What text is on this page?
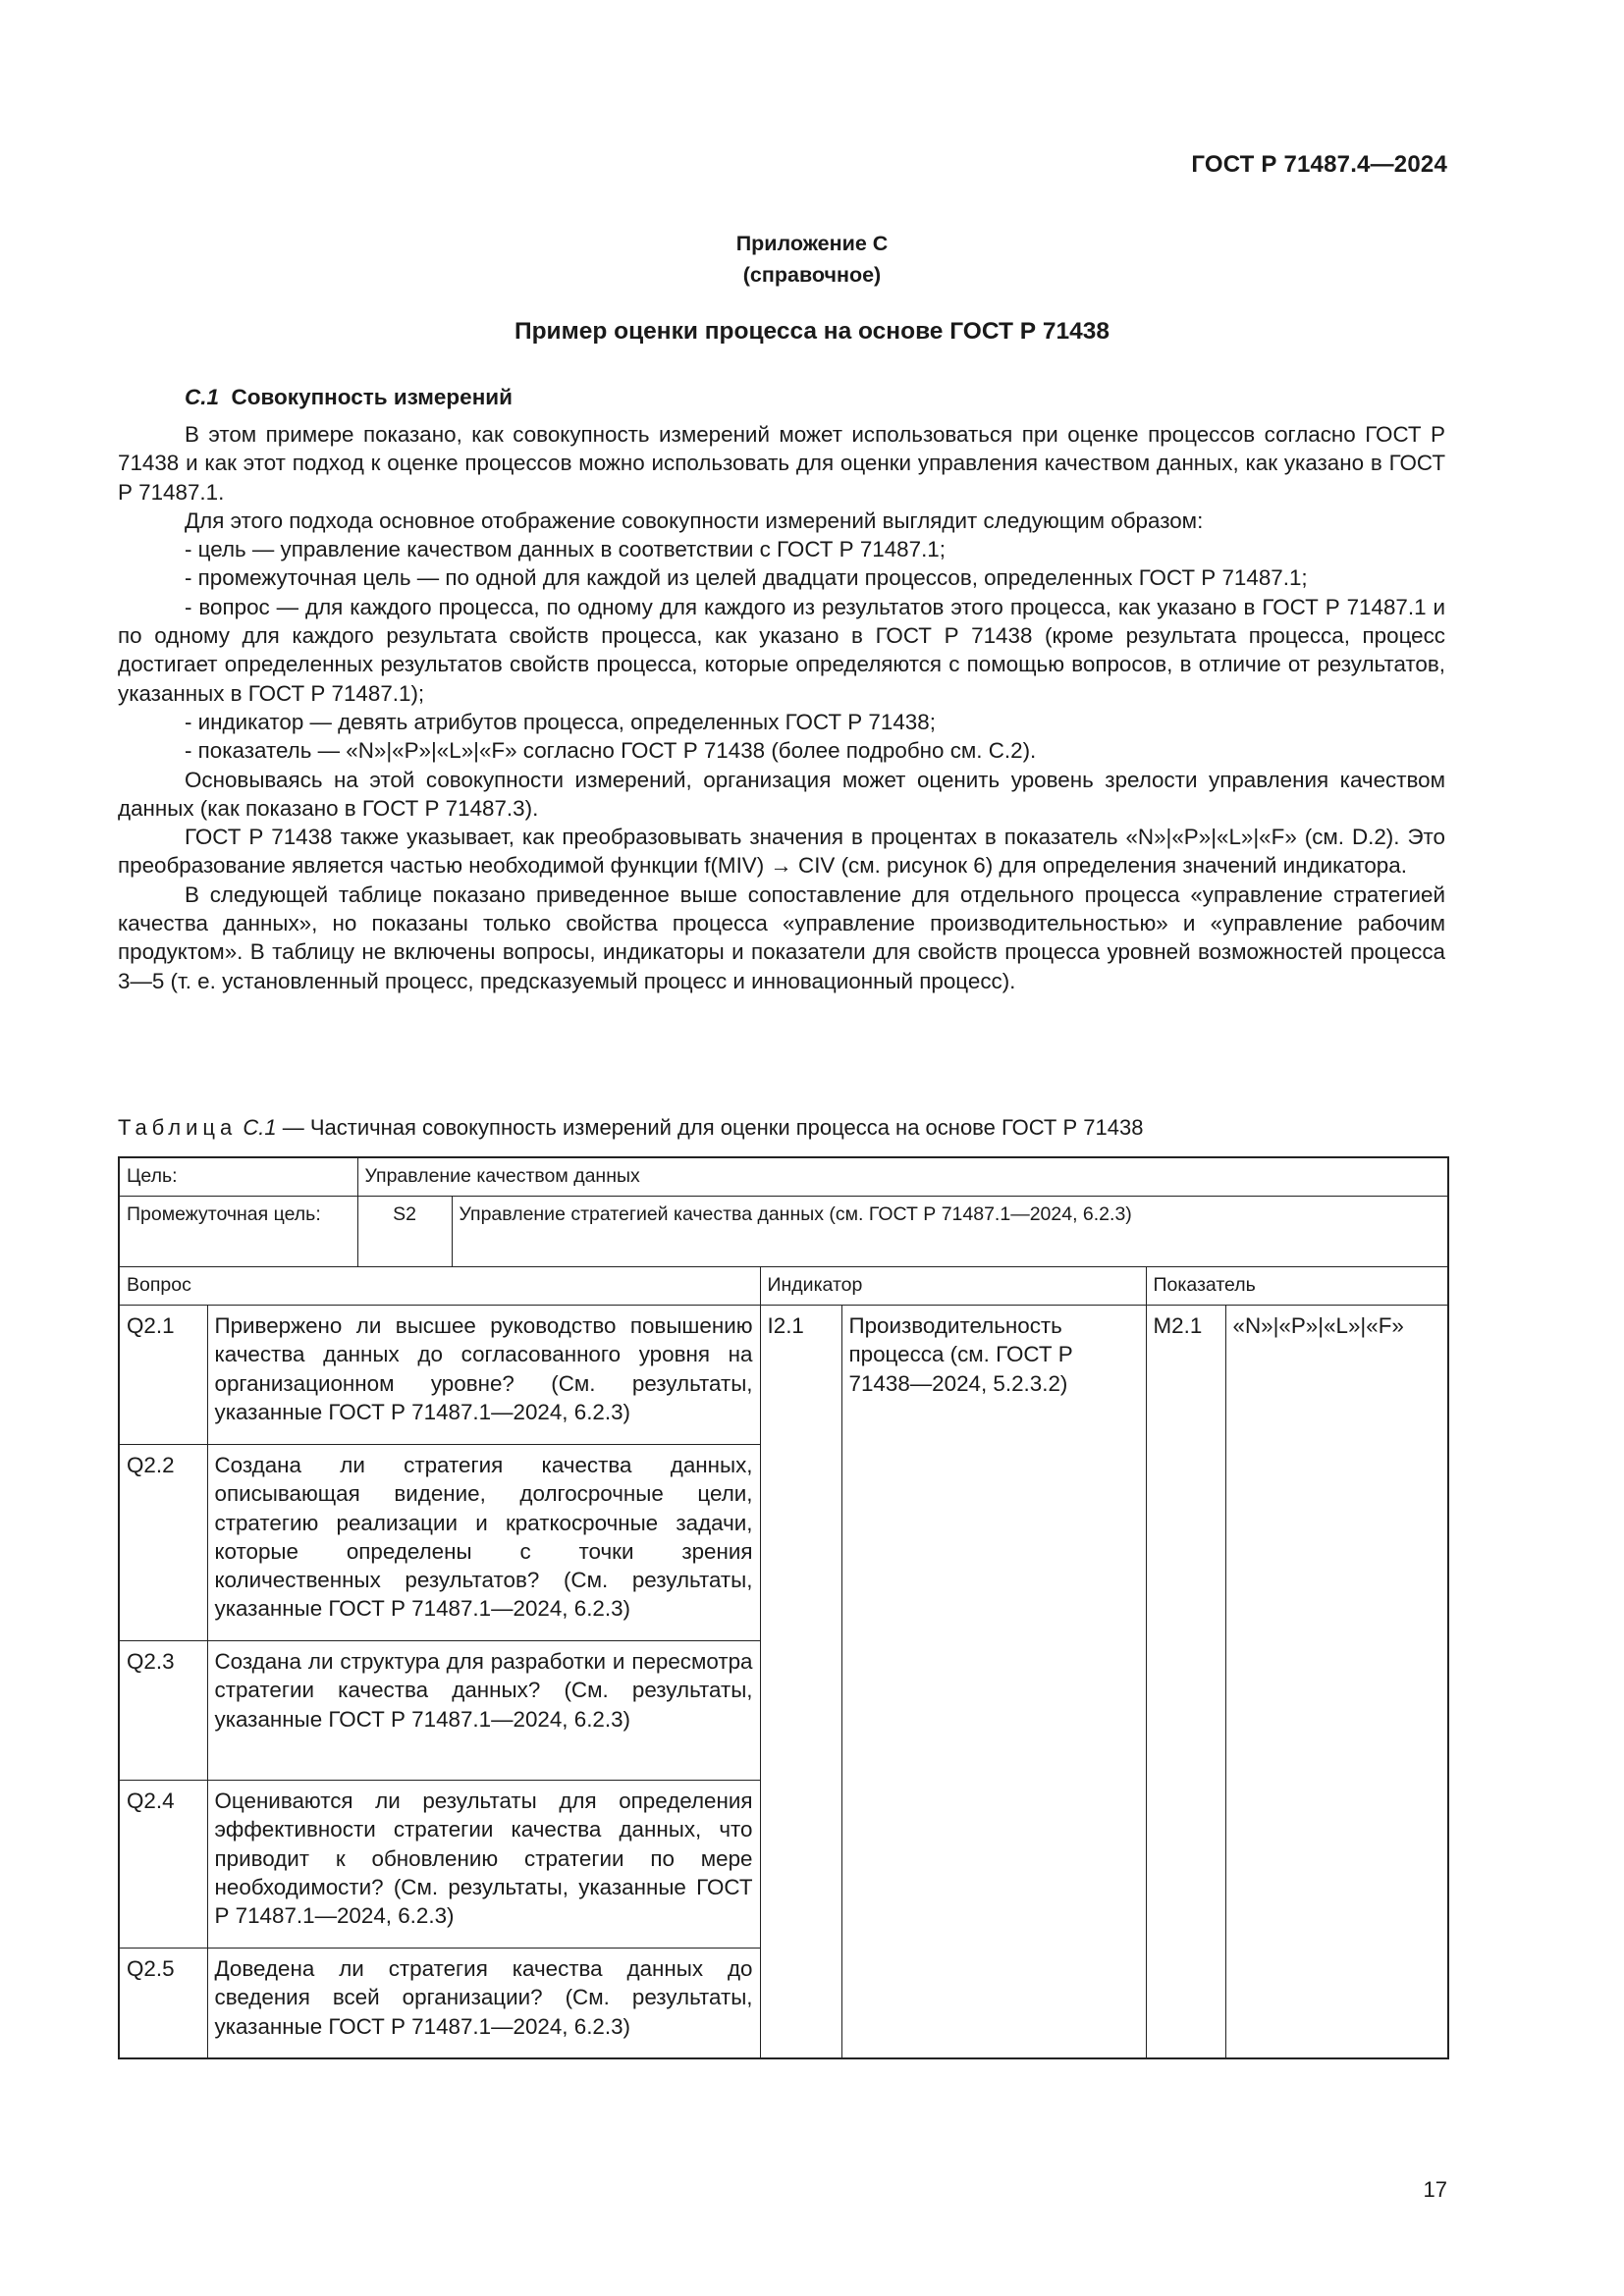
ГОСТ Р 71487.4—2024
Приложение C
(справочное)
Пример оценки процесса на основе ГОСТ Р 71438
C.1 Совокупность измерений

В этом примере показано, как совокупность измерений может использоваться при оценке процессов согласно ГОСТ Р 71438 и как этот подход к оценке процессов можно использовать для оценки управления качеством данных, как указано в ГОСТ Р 71487.1.

Для этого подхода основное отображение совокупности измерений выглядит следующим образом:

- цель — управление качеством данных в соответствии с ГОСТ Р 71487.1;

- промежуточная цель — по одной для каждой из целей двадцати процессов, определенных ГОСТ Р 71487.1;

- вопрос — для каждого процесса, по одному для каждого из результатов этого процесса, как указано в ГОСТ Р 71487.1 и по одному для каждого результата свойств процесса, как указано в ГОСТ Р 71438 (кроме результата процесса, процесс достигает определенных результатов свойств процесса, которые определяются с помощью вопросов, в отличие от результатов, указанных в ГОСТ Р 71487.1);

- индикатор — девять атрибутов процесса, определенных ГОСТ Р 71438;

- показатель — «N»|«P»|«L»|«F» согласно ГОСТ Р 71438 (более подробно см. C.2).

Основываясь на этой совокупности измерений, организация может оценить уровень зрелости управления качеством данных (как показано в ГОСТ Р 71487.3).

ГОСТ Р 71438 также указывает, как преобразовывать значения в процентах в показатель «N»|«P»|«L»|«F» (см. D.2). Это преобразование является частью необходимой функции f(MIV) → CIV (см. рисунок 6) для определения значений индикатора.

В следующей таблице показано приведенное выше сопоставление для отдельного процесса «управление стратегией качества данных», но показаны только свойства процесса «управление производительностью» и «управление рабочим продуктом». В таблицу не включены вопросы, индикаторы и показатели для свойств процесса уровней возможностей процесса 3—5 (т. е. установленный процесс, предсказуемый процесс и инновационный процесс).

Таблица C.1 — Частичная совокупность измерений для оценки процесса на основе ГОСТ Р 71438
Цель:		Управление качеством данных					
Промежуточная цель:		S2	Управление стратегией качества данных (см. ГОСТ Р 71487.1—2024, 6.2.3)				
Вопрос				Индикатор		Показатель	
Q2.1	Привержено ли высшее руководство повышению качества данных до согласованного уровня на организационном уровне? (См. результаты, указанные ГОСТ Р 71487.1—2024, 6.2.3)			I2.1	Производительность процесса (см. ГОСТ Р 71438—2024, 5.2.3.2)	M2.1	«N»|«P»|«L»|«F»
Q2.2	Создана ли стратегия качества данных, описывающая видение, долгосрочные цели, стратегию реализации и краткосрочные задачи, которые определены с точки зрения количественных результатов? (См. результаты, указанные ГОСТ Р 71487.1—2024, 6.2.3)						
Q2.3	Создана ли структура для разработки и пересмотра стратегии качества данных? (См. результаты, указанные ГОСТ Р 71487.1—2024, 6.2.3)						
Q2.4	Оцениваются ли результаты для определения эффективности стратегии качества данных, что приводит к обновлению стратегии по мере необходимости? (См. результаты, указанные ГОСТ Р 71487.1—2024, 6.2.3)						
Q2.5	Доведена ли стратегия качества данных до сведения всей организации? (См. результаты, указанные ГОСТ Р 71487.1—2024, 6.2.3)						
17
